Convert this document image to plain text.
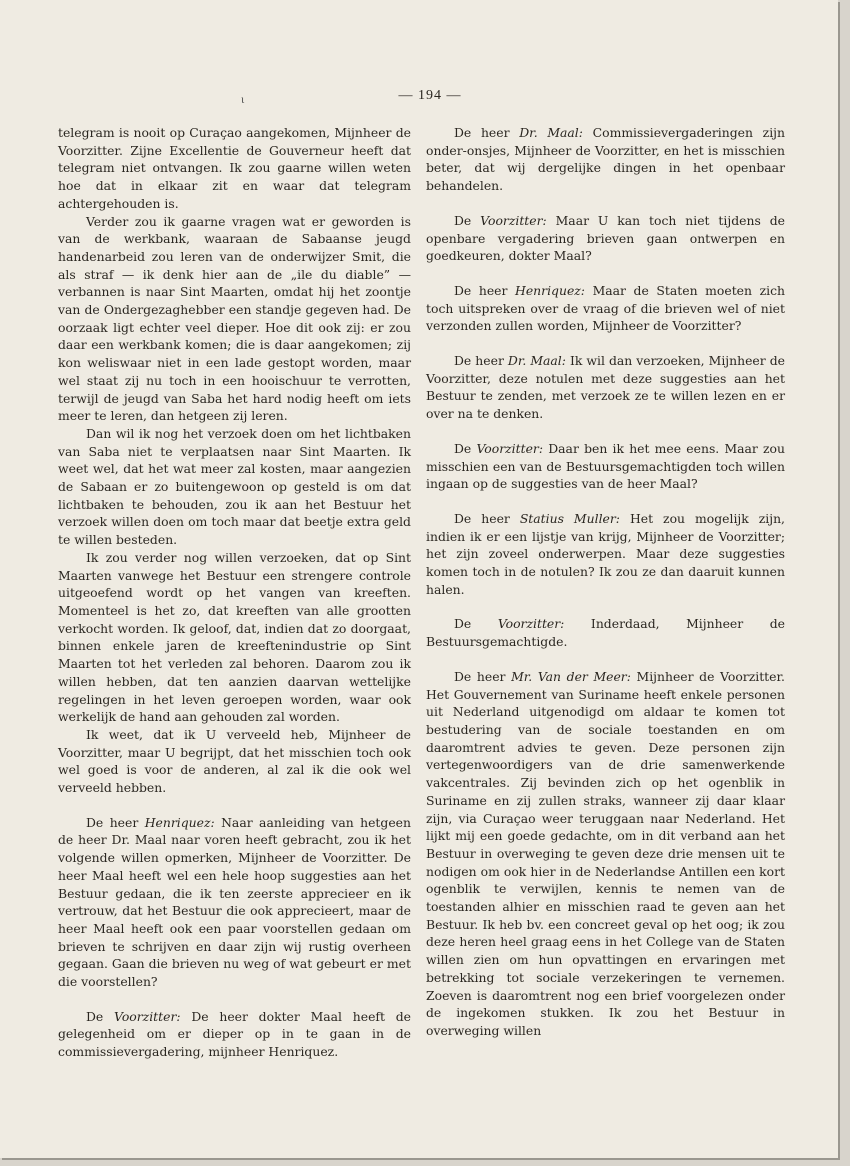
ι	— 194 —

telegram is nooit op Curaçao aangekomen, Mijnheer de Voorzitter. Zijne Excellentie de Gouverneur heeft dat telegram niet ontvangen. Ik zou gaarne willen weten hoe dat in elkaar zit en waar dat telegram achtergehouden is.

Verder zou ik gaarne vragen wat er geworden is van de werkbank, waaraan de Sabaanse jeugd handenarbeid zou leren van de onderwijzer Smit, die als straf — ik denk hier aan de „ile du diable” — verbannen is naar Sint Maarten, omdat hij het zoontje van de Ondergezaghebber een standje gegeven had. De oorzaak ligt echter veel dieper. Hoe dit ook zij: er zou daar een werkbank komen; die is daar aangekomen; zij kon weliswaar niet in een lade gestopt worden, maar wel staat zij nu toch in een hooischuur te verrotten, terwijl de jeugd van Saba het hard nodig heeft om iets meer te leren, dan hetgeen zij leren.

Dan wil ik nog het verzoek doen om het lichtbaken van Saba niet te verplaatsen naar Sint Maarten. Ik weet wel, dat het wat meer zal kosten, maar aangezien de Sabaan er zo buitengewoon op gesteld is om dat lichtbaken te behouden, zou ik aan het Bestuur het verzoek willen doen om toch maar dat beetje extra geld te willen besteden.

Ik zou verder nog willen verzoeken, dat op Sint Maarten vanwege het Bestuur een strengere controle uitgeoefend wordt op het vangen van kreeften. Momenteel is het zo, dat kreeften van alle grootten verkocht worden. Ik geloof, dat, indien dat zo doorgaat, binnen enkele jaren de kreeftenindustrie op Sint Maarten tot het verleden zal behoren. Daarom zou ik willen hebben, dat ten aanzien daarvan wettelijke regelingen in het leven geroepen worden, waar ook werkelijk de hand aan gehouden zal worden.

Ik weet, dat ik U verveeld heb, Mijnheer de Voorzitter, maar U begrijpt, dat het misschien toch ook wel goed is voor de anderen, al zal ik die ook wel verveeld hebben.

De heer Henriquez: Naar aanleiding van hetgeen de heer Dr. Maal naar voren heeft gebracht, zou ik het volgende willen opmerken, Mijnheer de Voorzitter. De heer Maal heeft wel een hele hoop suggesties aan het Bestuur gedaan, die ik ten zeerste apprecieer en ik vertrouw, dat het Bestuur die ook apprecieert, maar de heer Maal heeft ook een paar voorstellen gedaan om brieven te schrijven en daar zijn wij rustig overheen gegaan. Gaan die brieven nu weg of wat gebeurt er met die voorstellen?

De Voorzitter: De heer dokter Maal heeft de gelegenheid om er dieper op in te gaan in de commissievergadering, mijnheer Henriquez.

De heer Dr. Maal: Commissievergaderingen zijn onder-onsjes, Mijnheer de Voorzitter, en het is misschien beter, dat wij dergelijke dingen in het openbaar behandelen.

De Voorzitter: Maar U kan toch niet tijdens de openbare vergadering brieven gaan ontwerpen en goedkeuren, dokter Maal?

De heer Henriquez: Maar de Staten moeten zich toch uitspreken over de vraag of die brieven wel of niet verzonden zullen worden, Mijnheer de Voorzitter?

De heer Dr. Maal: Ik wil dan verzoeken, Mijnheer de Voorzitter, deze notulen met deze suggesties aan het Bestuur te zenden, met verzoek ze te willen lezen en er over na te denken.

De Voorzitter: Daar ben ik het mee eens. Maar zou misschien een van de Bestuursgemachtigden toch willen ingaan op de suggesties van de heer Maal?

De heer Statius Muller: Het zou mogelijk zijn, indien ik er een lijstje van krijg, Mijnheer de Voorzitter; het zijn zoveel onderwerpen. Maar deze suggesties komen toch in de notulen? Ik zou ze dan daaruit kunnen halen.

De Voorzitter: Inderdaad, Mijnheer de Bestuursgemachtigde.

De heer Mr. Van der Meer: Mijnheer de Voorzitter. Het Gouvernement van Suriname heeft enkele personen uit Nederland uitgenodigd om aldaar te komen tot bestudering van de sociale toestanden en om daaromtrent advies te geven. Deze personen zijn vertegenwoordigers van de drie samenwerkende vakcentrales. Zij bevinden zich op het ogenblik in Suriname en zij zullen straks, wanneer zij daar klaar zijn, via Curaçao weer teruggaan naar Nederland. Het lijkt mij een goede gedachte, om in dit verband aan het Bestuur in overweging te geven deze drie mensen uit te nodigen om ook hier in de Nederlandse Antillen een kort ogenblik te verwijlen, kennis te nemen van de toestanden alhier en misschien raad te geven aan het Bestuur. Ik heb bv. een concreet geval op het oog; ik zou deze heren heel graag eens in het College van de Staten willen zien om hun opvattingen en ervaringen met betrekking tot sociale verzekeringen te vernemen. Zoeven is daaromtrent nog een brief voorgelezen onder de ingekomen stukken. Ik zou het Bestuur in overweging willen
